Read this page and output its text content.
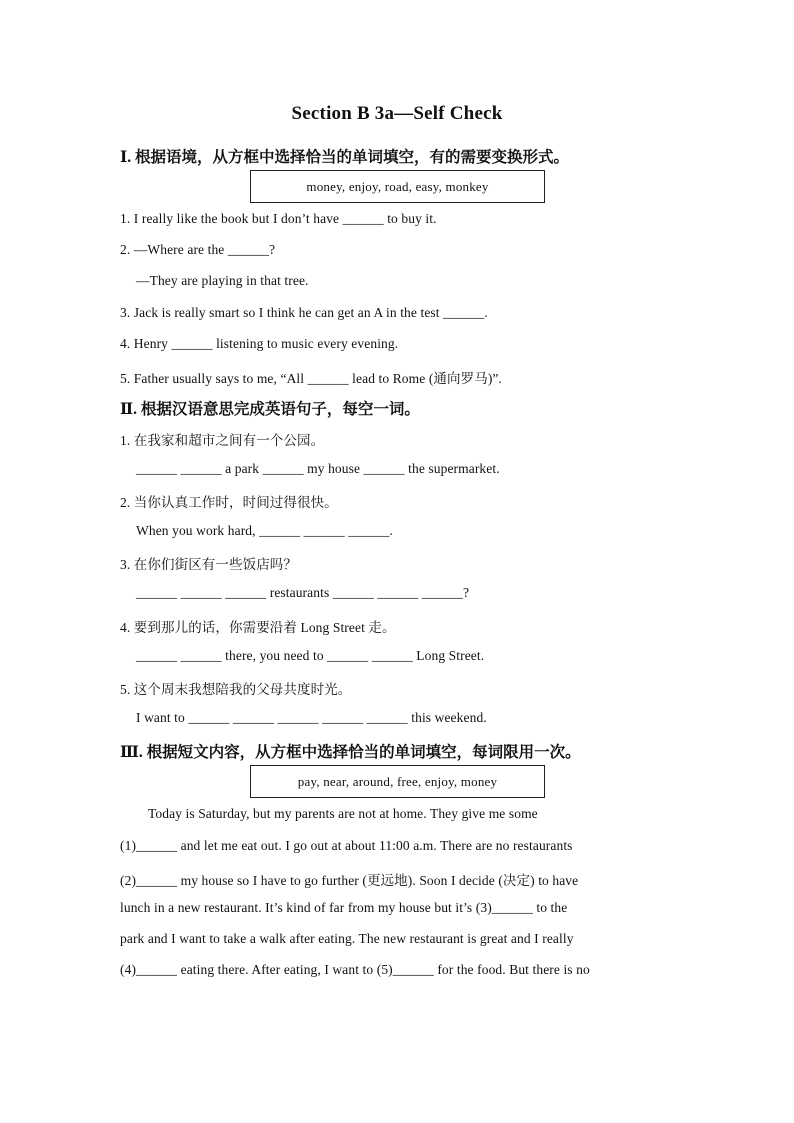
Section B 3a—Self Check
Ⅰ. 根据语境，从方框中选择恰当的单词填空，有的需要变换形式。
money, enjoy, road, easy, monkey
1. I really like the book but I don’t have ______ to buy it.
2. —Where are the ______?
—They are playing in that tree.
3. Jack is really smart so I think he can get an A in the test ______.
4. Henry ______ listening to music every evening.
5. Father usually says to me, “All ______ lead to Rome (通向罗马)”.
Ⅱ. 根据汉语意思完成英语句子，每空一词。
1. 在我家和超市之间有一个公园。
______ ______ a park ______ my house ______ the supermarket.
2. 当你认真工作时，时间过得很快。
When you work hard, ______ ______ ______.
3. 在你们街区有一些饭店吗？
______ ______ ______ restaurants ______ ______ ______?
4. 要到那儿的话，你需要沿着 Long Street 走。
______ ______ there, you need to ______ ______ Long Street.
5. 这个周末我想陪我的父母共度时光。
I want to ______ ______ ______ ______ ______ this weekend.
Ⅲ. 根据短文内容，从方框中选择恰当的单词填空，每词限用一次。
pay, near, around, free, enjoy, money
Today is Saturday, but my parents are not at home. They give me some
(1)______ and let me eat out. I go out at about 11:00 a.m. There are no restaurants
(2)______ my house so I have to go further (更远地). Soon I decide (决定) to have
lunch in a new restaurant. It’s kind of far from my house but it’s (3)______ to the
park and I want to take a walk after eating. The new restaurant is great and I really
(4)______ eating there. After eating, I want to (5)______ for the food. But there is no
